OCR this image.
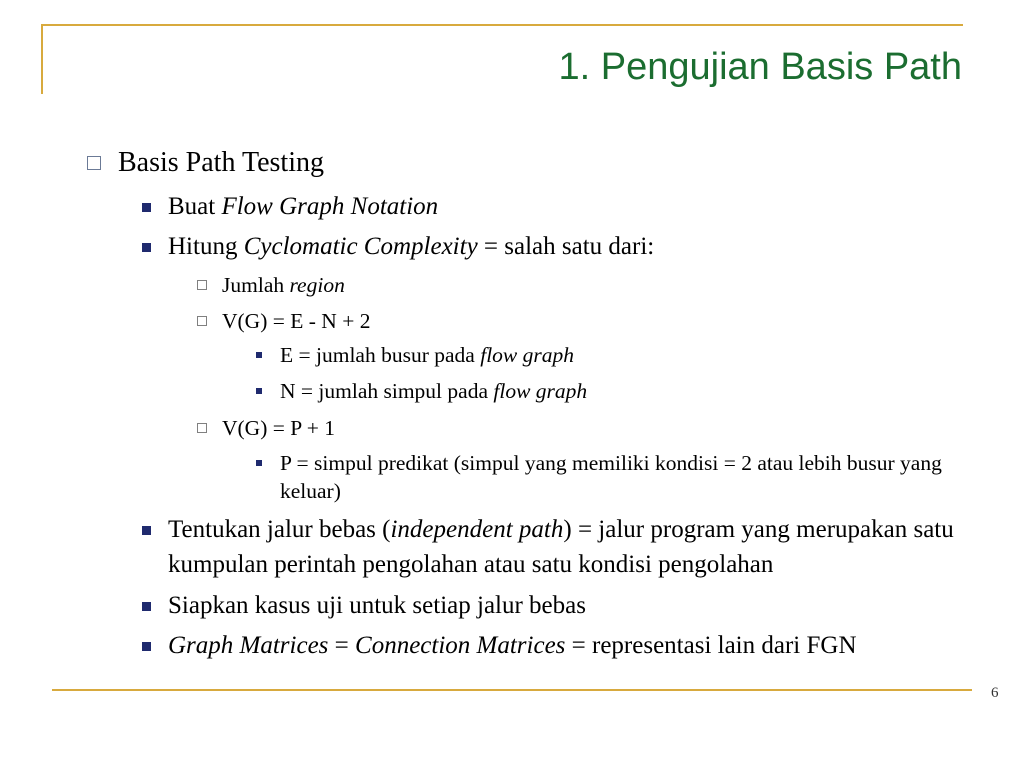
1. Pengujian Basis Path
Basis Path Testing
Buat Flow Graph Notation
Hitung Cyclomatic Complexity = salah satu dari:
Jumlah region
V(G) = E - N + 2
E = jumlah busur pada flow graph
N = jumlah simpul pada flow graph
V(G) = P + 1
P = simpul predikat (simpul yang memiliki kondisi = 2 atau lebih busur yang keluar)
Tentukan jalur bebas (independent path) = jalur program yang merupakan satu kumpulan perintah pengolahan atau satu kondisi pengolahan
Siapkan kasus uji untuk setiap jalur bebas
Graph Matrices = Connection Matrices = representasi lain dari FGN
6
